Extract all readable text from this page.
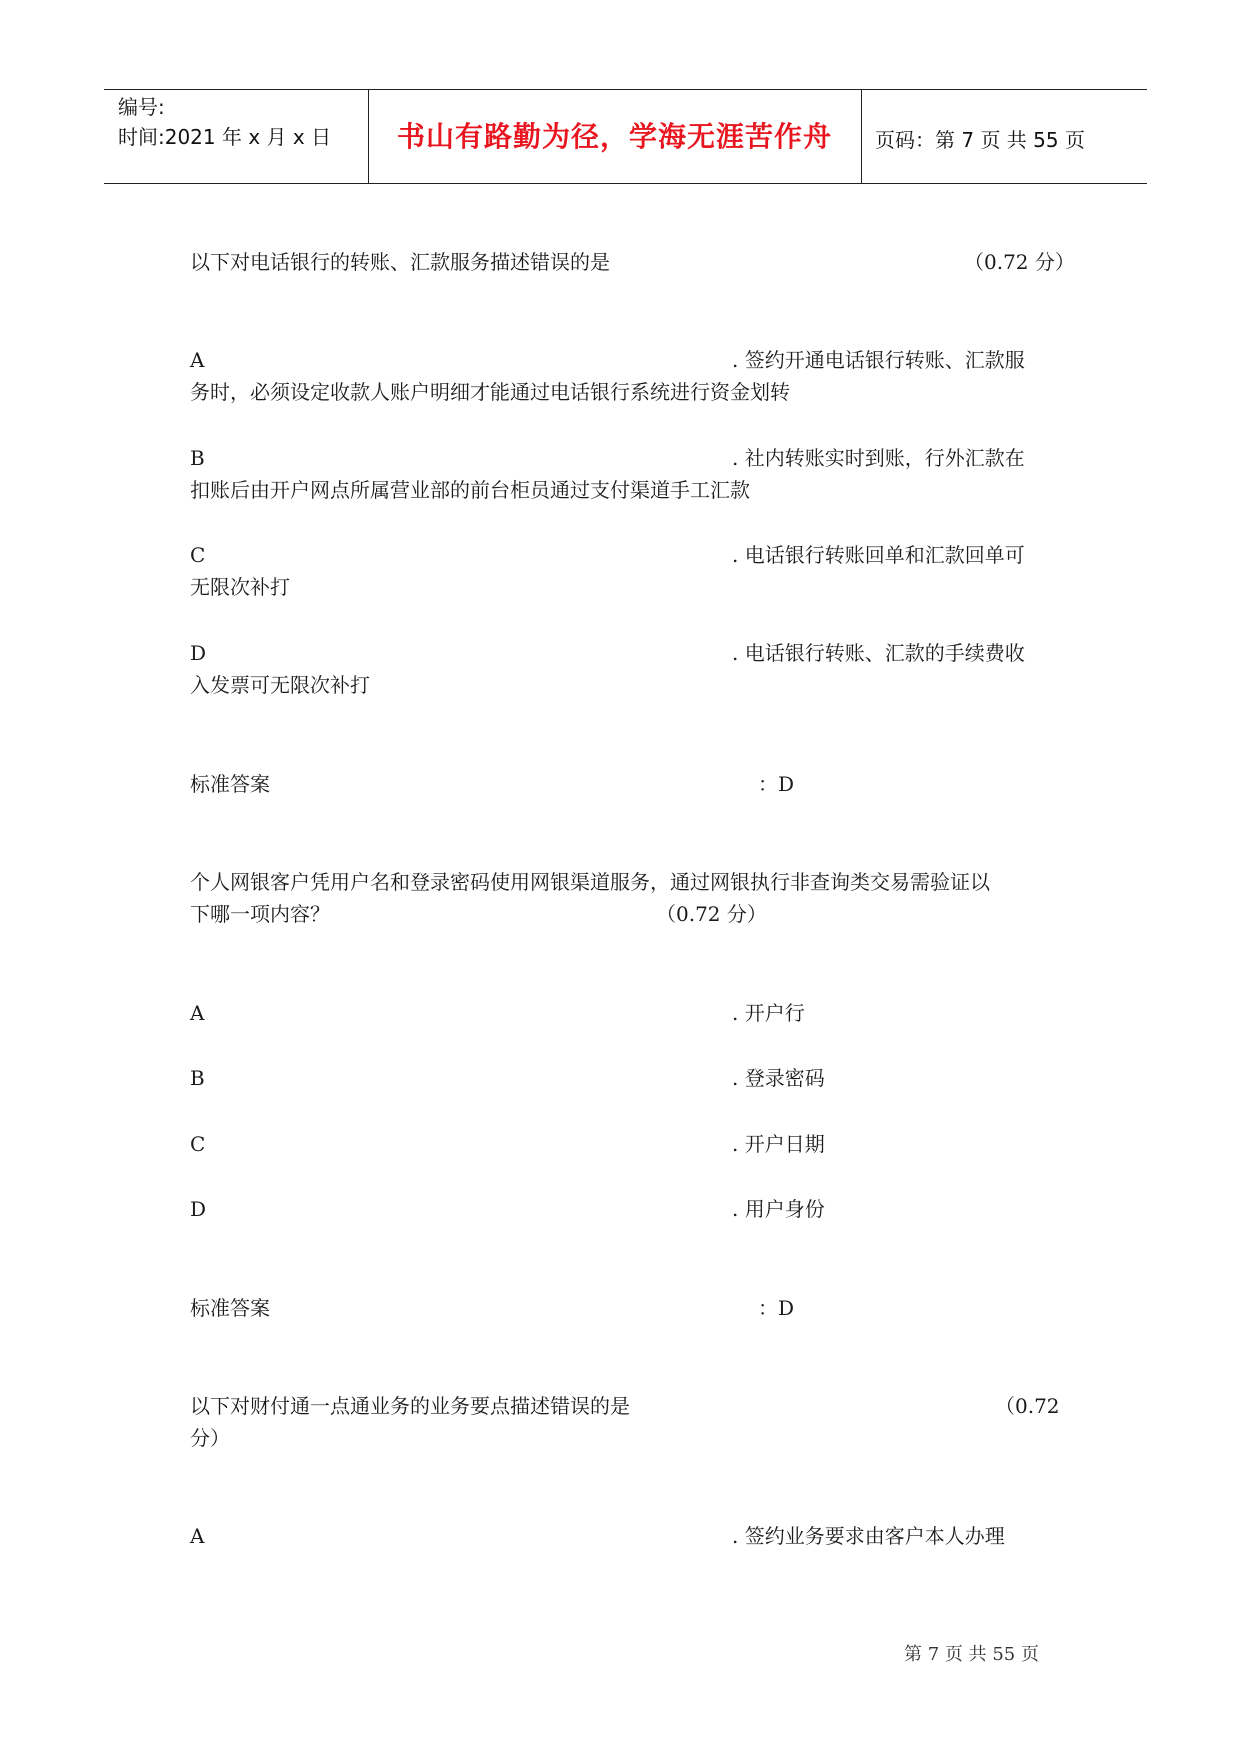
编号:
时间:2021 年 x 月 x 日	书山有路勤为径，学海无涯苦作舟	页码：第 7 页 共 55 页
以下对电话银行的转账、汇款服务描述错误的是	（0.72 分）
A	. 签约开通电话银行转账、汇款服
务时，必须设定收款人账户明细才能通过电话银行系统进行资金划转
B	. 社内转账实时到账，行外汇款在
扣账后由开户网点所属营业部的前台柜员通过支付渠道手工汇款
C	. 电话银行转账回单和汇款回单可
无限次补打
D	. 电话银行转账、汇款的手续费收
入发票可无限次补打
标准答案	：D
个人网银客户凭用户名和登录密码使用网银渠道服务，通过网银执行非查询类交易需验证以
下哪一项内容？	（0.72 分）
A	. 开户行
B	. 登录密码
C	. 开户日期
D	. 用户身份
标准答案	：D
以下对财付通一点通业务的业务要点描述错误的是	（0.72
分）
A	. 签约业务要求由客户本人办理
第 7 页 共 55 页
